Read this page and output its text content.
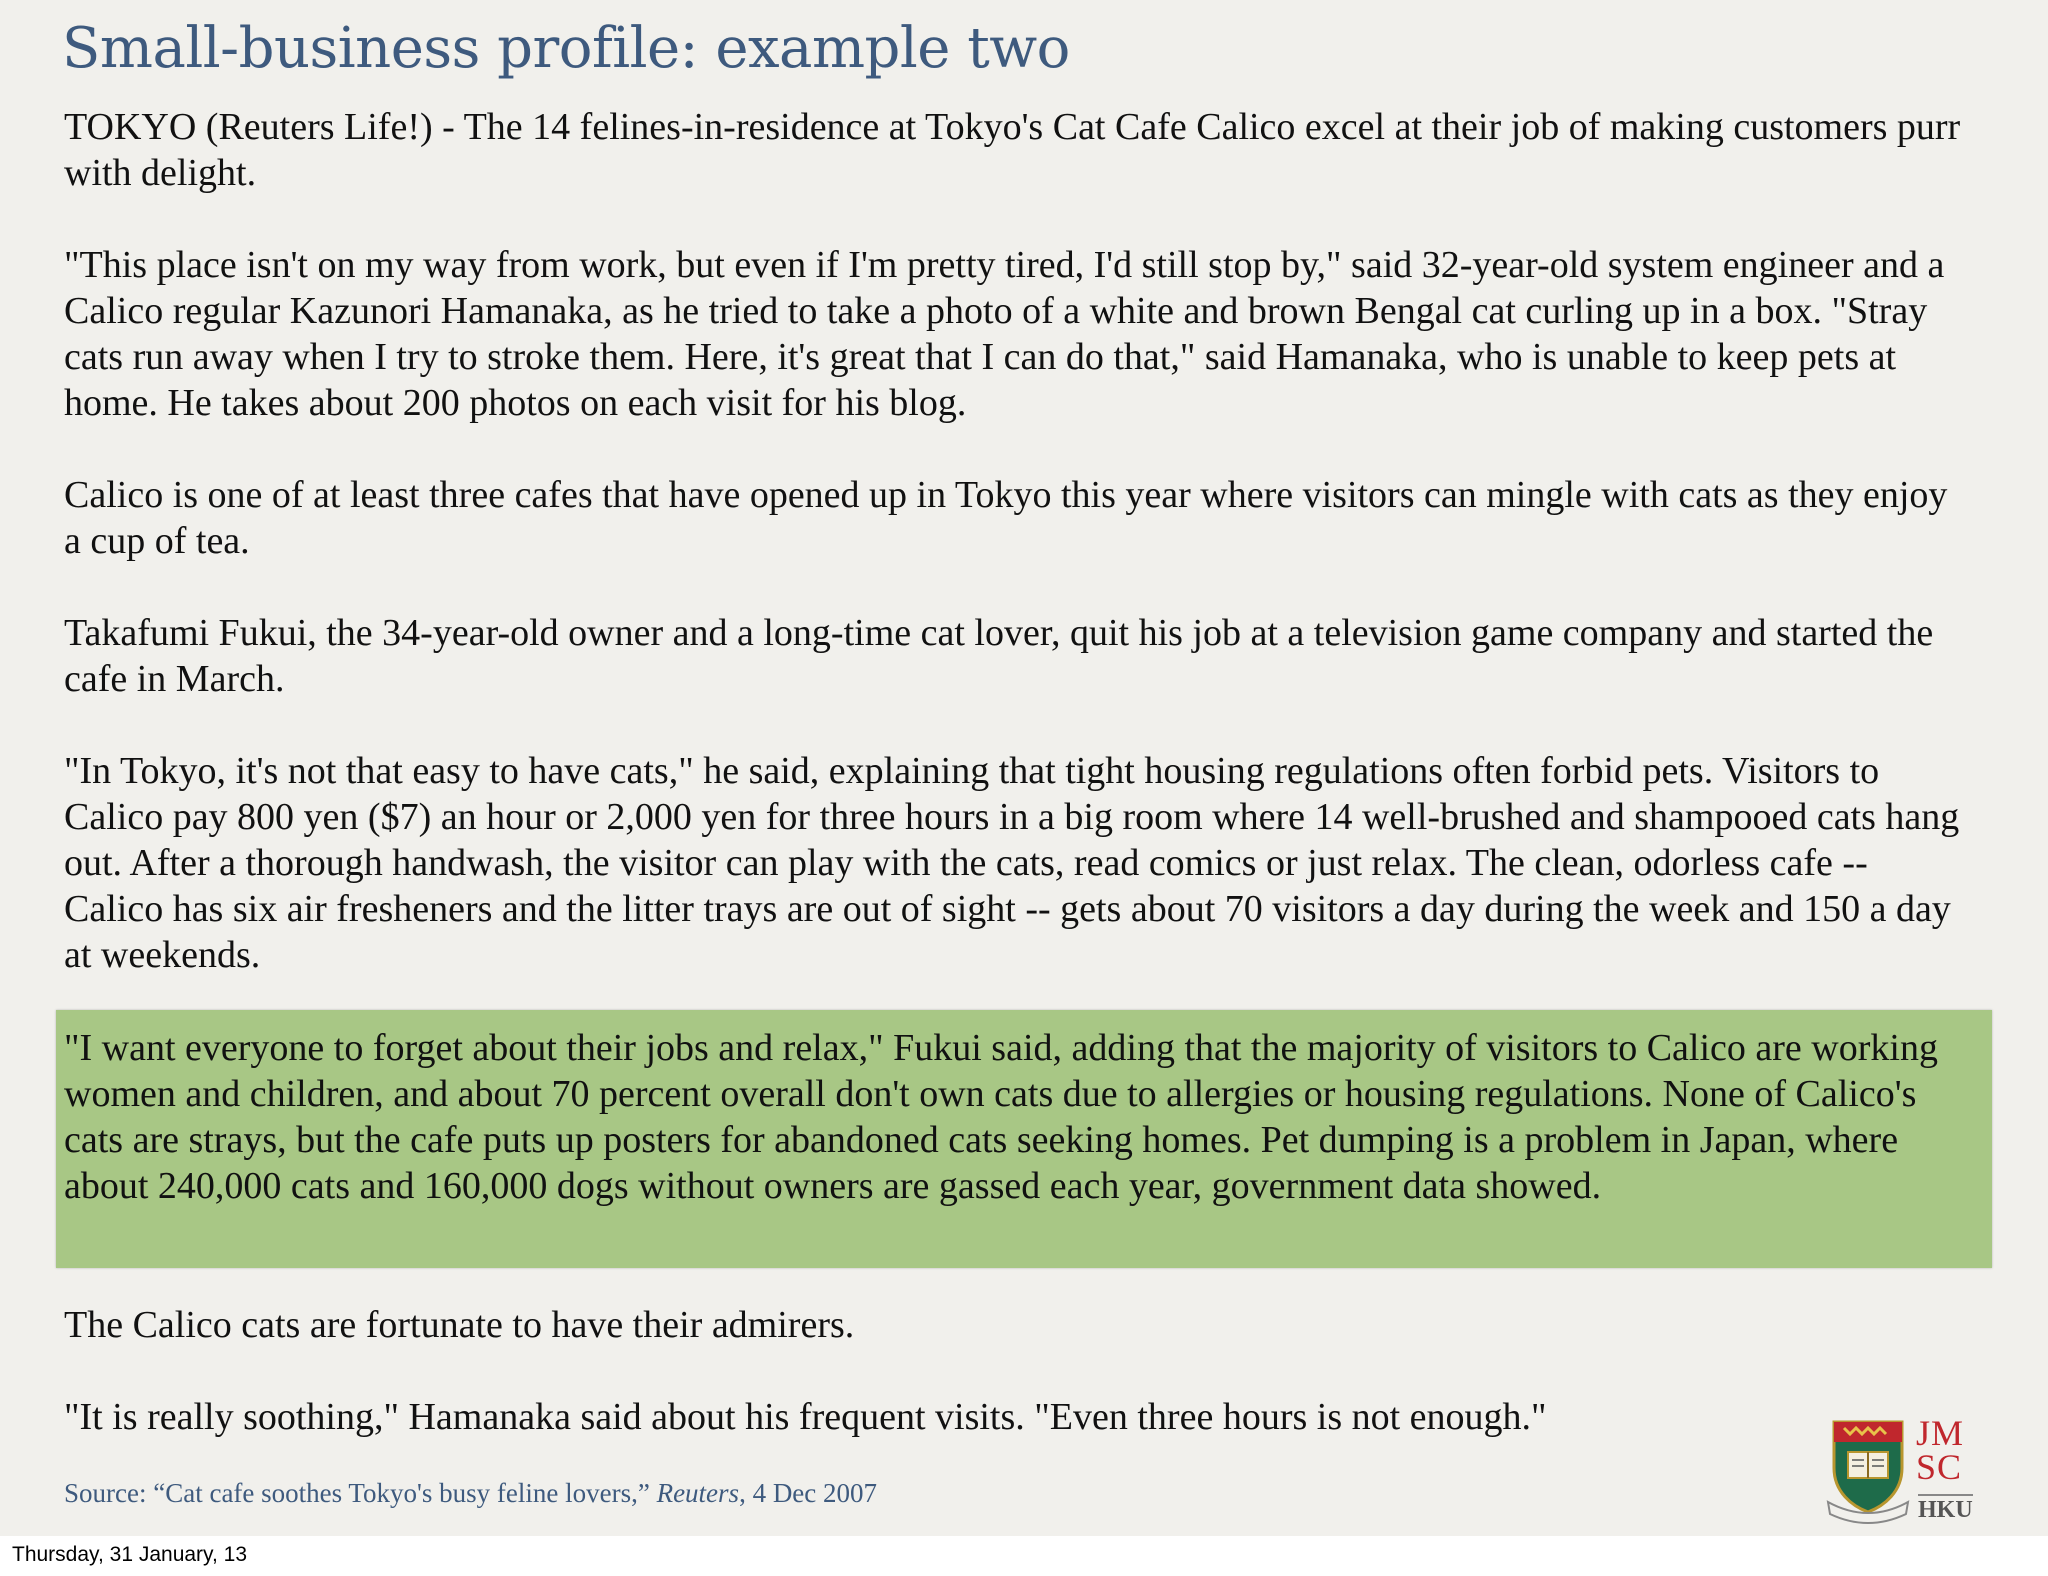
Small-business profile: example two

TOKYO (Reuters Life!) - The 14 felines-in-residence at Tokyo's Cat Cafe Calico excel at their job of making customers purr with delight.

"This place isn't on my way from work, but even if I'm pretty tired, I'd still stop by," said 32-year-old system engineer and a Calico regular Kazunori Hamanaka, as he tried to take a photo of a white and brown Bengal cat curling up in a box. "Stray cats run away when I try to stroke them. Here, it's great that I can do that," said Hamanaka, who is unable to keep pets at home. He takes about 200 photos on each visit for his blog.

Calico is one of at least three cafes that have opened up in Tokyo this year where visitors can mingle with cats as they enjoy a cup of tea.

Takafumi Fukui, the 34-year-old owner and a long-time cat lover, quit his job at a television game company and started the cafe in March.

"In Tokyo, it's not that easy to have cats," he said, explaining that tight housing regulations often forbid pets. Visitors to Calico pay 800 yen ($7) an hour or 2,000 yen for three hours in a big room where 14 well-brushed and shampooed cats hang out. After a thorough handwash, the visitor can play with the cats, read comics or just relax. The clean, odorless cafe -- Calico has six air fresheners and the litter trays are out of sight -- gets about 70 visitors a day during the week and 150 a day at weekends.

"I want everyone to forget about their jobs and relax," Fukui said, adding that the majority of visitors to Calico are working women and children, and about 70 percent overall don't own cats due to allergies or housing regulations. None of Calico's cats are strays, but the cafe puts up posters for abandoned cats seeking homes. Pet dumping is a problem in Japan, where about 240,000 cats and 160,000 dogs without owners are gassed each year, government data showed.

The Calico cats are fortunate to have their admirers.

"It is really soothing," Hamanaka said about his frequent visits. "Even three hours is not enough."

Source: “Cat cafe soothes Tokyo's busy feline lovers,” Reuters, 4 Dec 2007
JM
SC
HKU
Thursday, 31 January, 13
